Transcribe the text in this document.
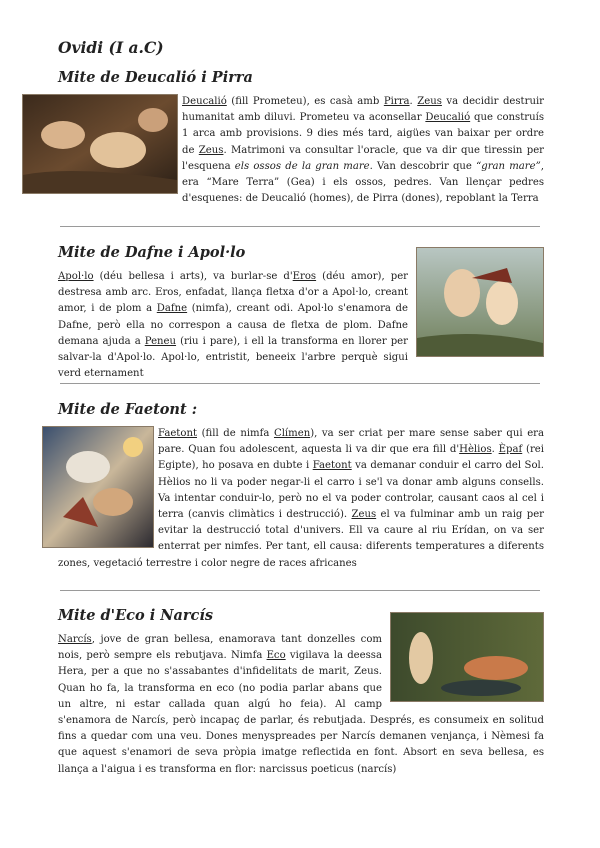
Ovidi (I a.C)
Mite de Deucalió i Pirra

Deucalió (fill Prometeu), es casà amb Pirra. Zeus va decidir destruir humanitat amb diluvi. Prometeu va aconsellar Deucalió que construís 1 arca amb provisions. 9 dies més tard, aigües van baixar per ordre de Zeus. Matrimoni va consultar l'oracle, que va dir que tiressin per l'esquena els ossos de la gran mare. Van descobrir que “gran mare”, era “Mare Terra” (Gea) i els ossos, pedres. Van llençar pedres d'esquenes: de Deucalió (homes), de Pirra (dones), repoblant la Terra

Mite de Dafne i Apol·lo

Apol·lo (déu bellesa i arts), va burlar-se d'Eros (déu amor), per destresa amb arc. Eros, enfadat, llança fletxa d'or a Apol·lo, creant amor, i de plom a Dafne (nimfa), creant odi. Apol·lo s'enamora de Dafne, però ella no correspon a causa de fletxa de plom. Dafne demana ajuda a Peneu (riu i pare), i ell la transforma en llorer per salvar-la d'Apol·lo. Apol·lo, entristit, beneeix l'arbre perquè sigui verd eternament

Mite de Faetont :

Faetont (fill de nimfa Clímen), va ser criat per mare sense saber qui era pare. Quan fou adolescent, aquesta li va dir que era fill d'Hèlios. Èpaf (rei Egipte), ho posava en dubte i Faetont va demanar conduir el carro del Sol. Hèlios no li va poder negar-li el carro i se'l va donar amb alguns consells. Va intentar conduir-lo, però no el va poder controlar, causant caos al cel i terra (canvis climàtics i destrucció). Zeus el va fulminar amb un raig per evitar la destrucció total d'univers. Ell va caure al riu Erídan, on va ser enterrat per nimfes. Per tant, ell causa: diferents temperatures a diferents zones, vegetació terrestre i color negre de races africanes

Mite d'Eco i Narcís

Narcís, jove de gran bellesa, enamorava tant donzelles com nois, però sempre els rebutjava. Nimfa Eco vigilava la deessa Hera, per a que no s'assabantes d'infidelitats de marit, Zeus. Quan ho fa, la transforma en eco (no podia parlar abans que un altre, ni estar callada quan algú ho feia). Al camp s'enamora de Narcís, però incapaç de parlar, és rebutjada. Després, es consumeix en solitud fins a quedar com una veu. Dones menyspreades per Narcís demanen venjança, i Nèmesi fa que aquest s'enamori de seva pròpia imatge reflectida en font. Absort en seva bellesa, es llança a l'aigua i es transforma en flor: narcissus poeticus (narcís)
